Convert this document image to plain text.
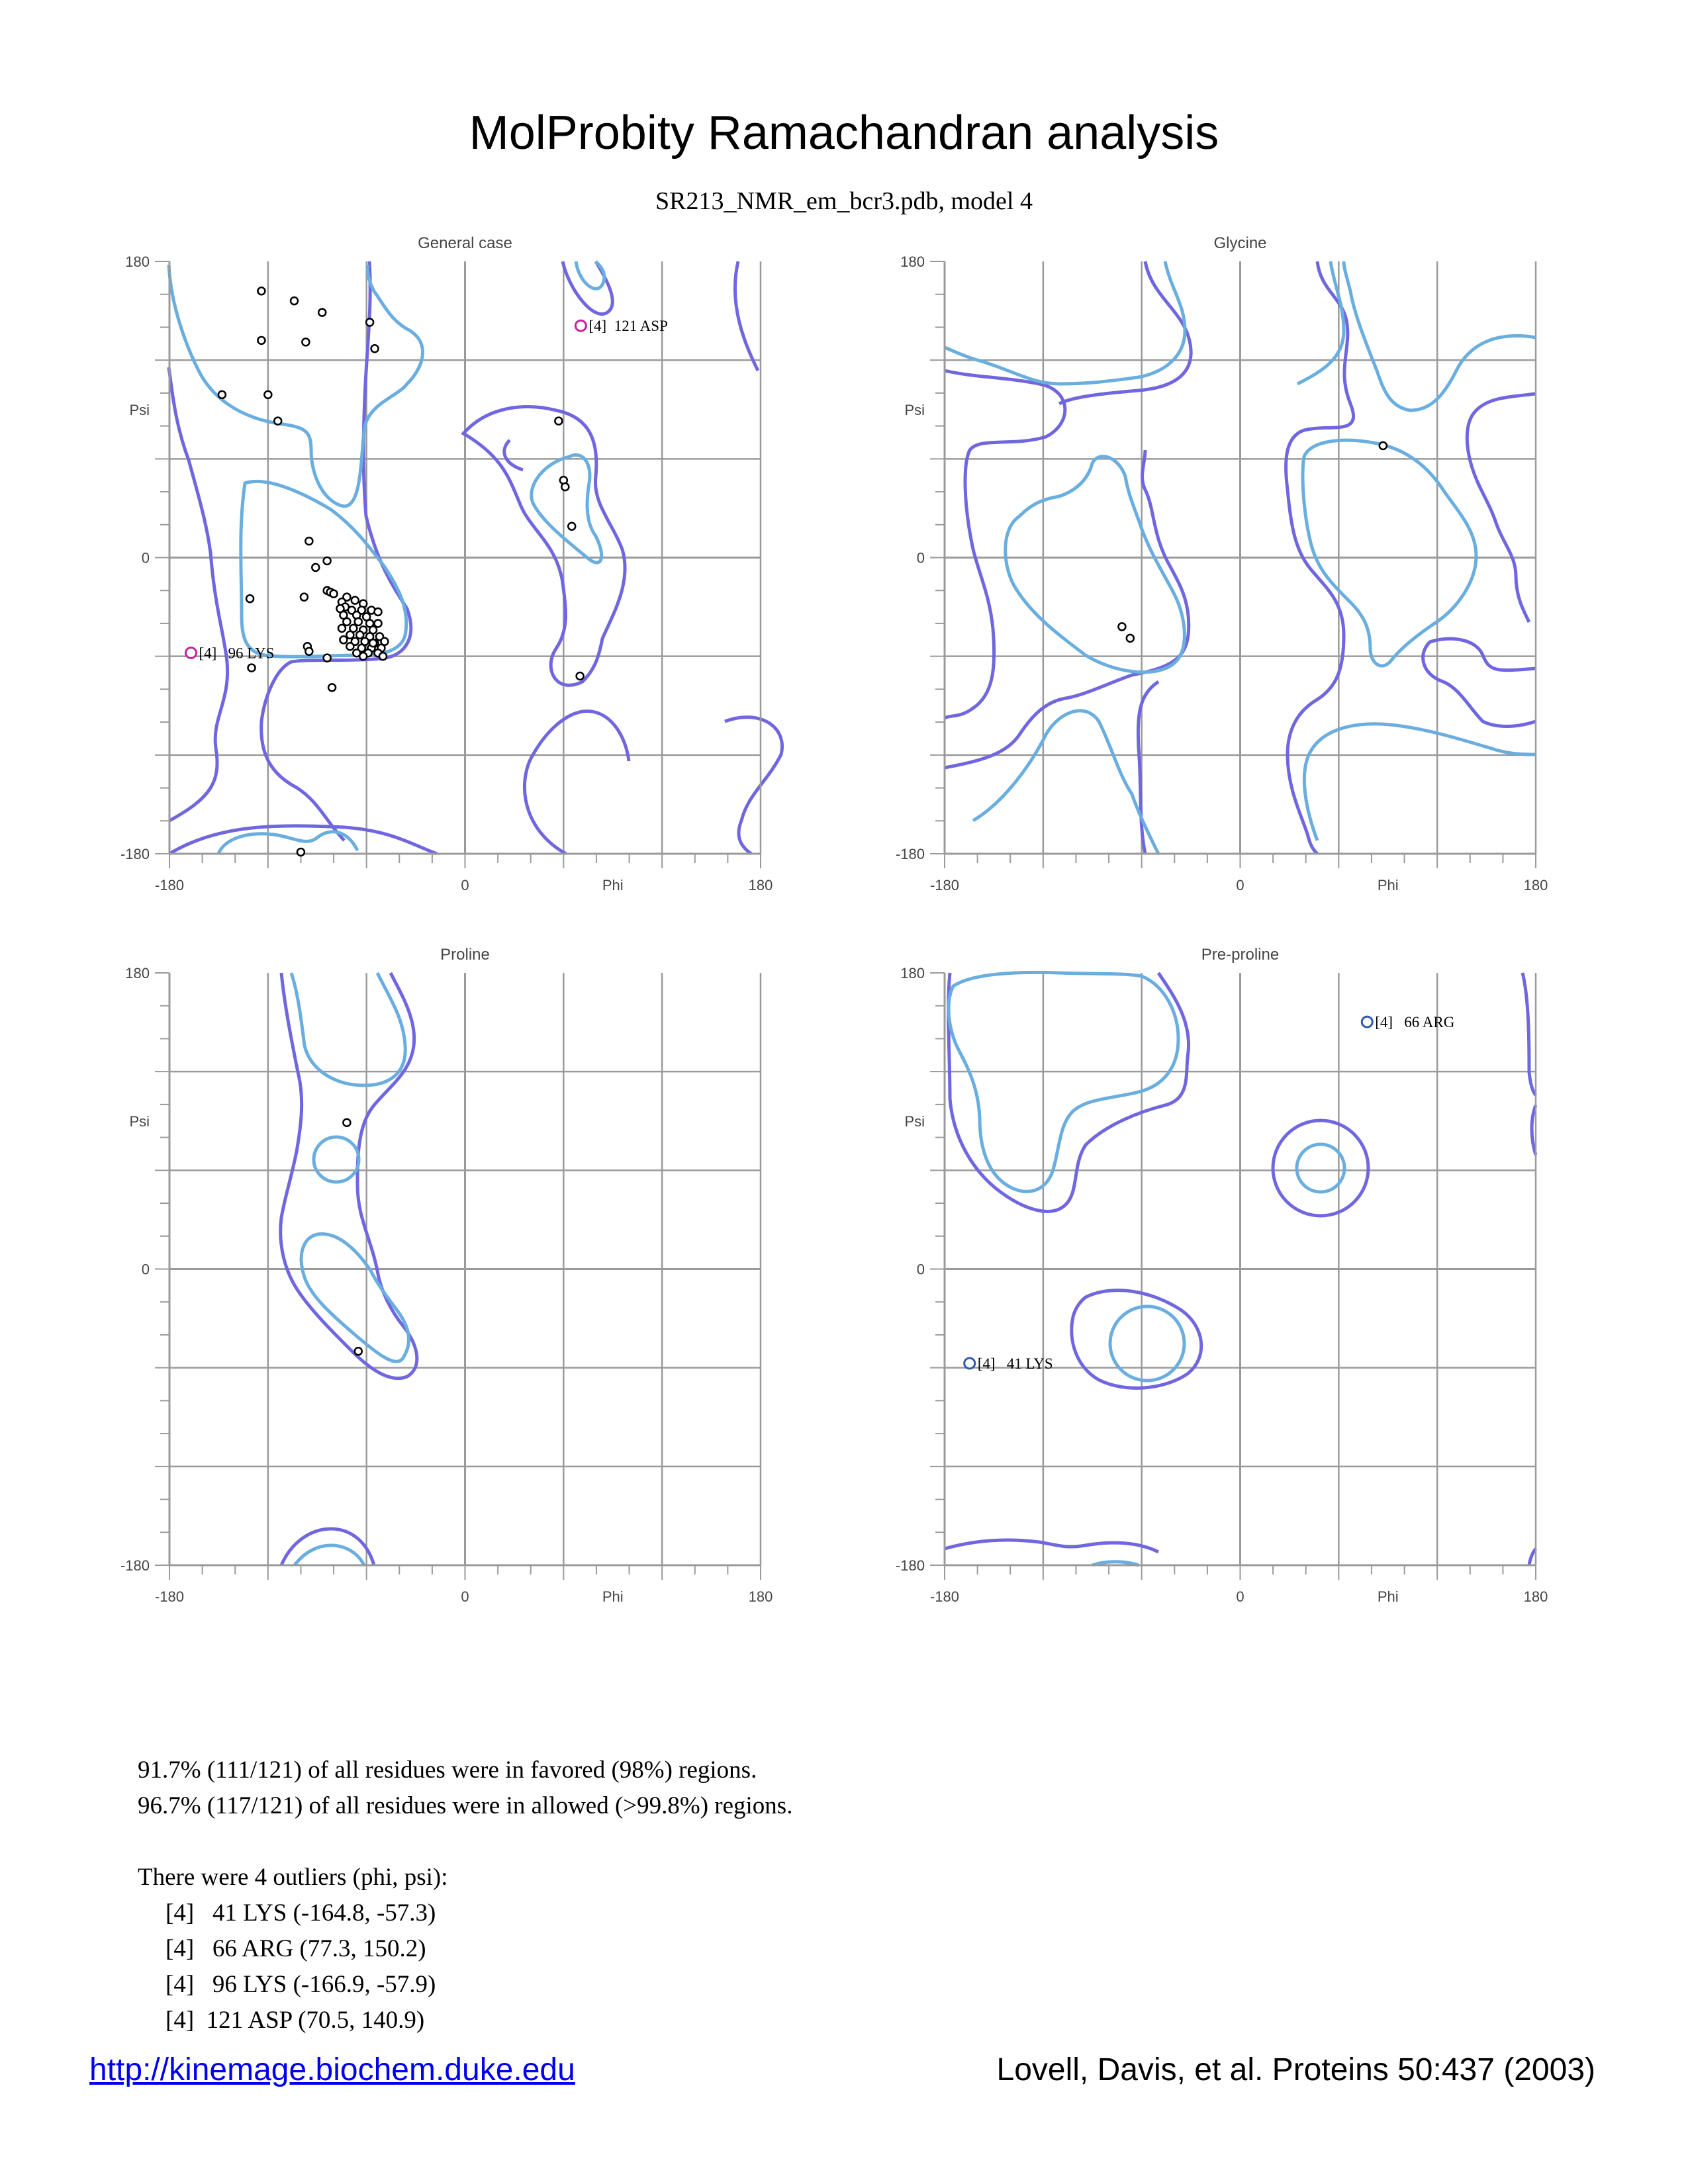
MolProbity Ramachandran analysis
SR213_NMR_em_bcr3.pdb, model 4
General case
-180	0	180
Phi
180
0
-180
Psi
[4]  121 ASP
[4]   96 LYS
Glycine
-180	0	180
Phi
180
0
-180
Psi
Proline
-180	0	180
Phi
180
0
-180
Psi
Pre-proline
-180	0	180
Phi
180
0
-180
Psi
[4]   66 ARG
[4]   41 LYS

91.7% (111/121) of all residues were in favored (98%) regions.

96.7% (117/121) of all residues were in allowed (>99.8%) regions.

There were 4 outliers (phi, psi):

[4]   41 LYS (-164.8, -57.3)

[4]   66 ARG (77.3, 150.2)

[4]   96 LYS (-166.9, -57.9)

[4]  121 ASP (70.5, 140.9)

http://kinemage.biochem.duke.edu	Lovell, Davis, et al. Proteins 50:437 (2003)
